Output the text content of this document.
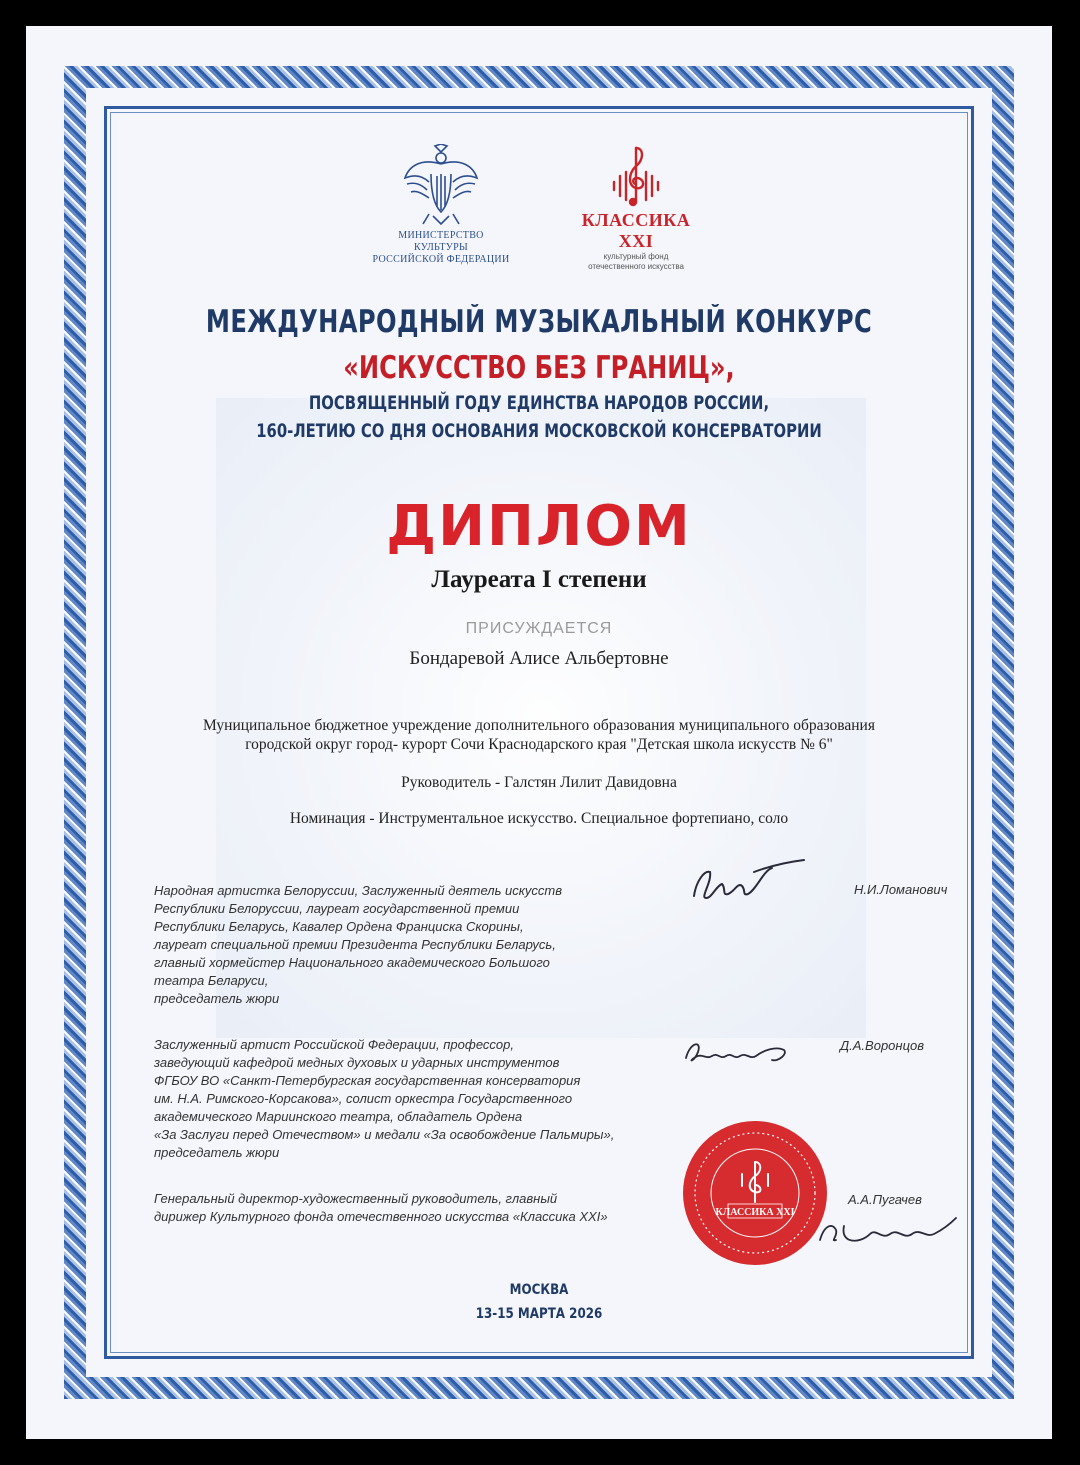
МИНИСТЕРСТВО КУЛЬТУРЫ
РОССИЙСКОЙ ФЕДЕРАЦИИ
КЛАССИКА XXI
культурный фонд
отечественного искусства
МЕЖДУНАРОДНЫЙ МУЗЫКАЛЬНЫЙ КОНКУРС
«ИСКУССТВО БЕЗ ГРАНИЦ»,
ПОСВЯЩЕННЫЙ ГОДУ ЕДИНСТВА НАРОДОВ РОССИИ,
160-ЛЕТИЮ СО ДНЯ ОСНОВАНИЯ МОСКОВСКОЙ КОНСЕРВАТОРИИ
ДИПЛОМ
Лауреата I степени
ПРИСУЖДАЕТСЯ
Бондаревой Алисе Альбертовне
Муниципальное бюджетное учреждение дополнительного образования муниципального образования
городской округ город- курорт Сочи Краснодарского края "Детская школа искусств № 6"
Руководитель - Галстян Лилит Давидовна
Номинация - Инструментальное искусство. Специальное фортепиано, соло
Народная артистка Белоруссии, Заслуженный деятель искусств
Республики Белоруссии, лауреат государственной премии
Республики Беларусь, Кавалер Ордена Франциска Скорины,
лауреат специальной премии Президента Республики Беларусь,
главный хормейстер Национального академического Большого
театра Беларуси,
председатель жюри
Н.И.Ломанович
Заслуженный артист Российской Федерации, профессор,
заведующий кафедрой медных духовых и ударных инструментов
ФГБОУ ВО «Санкт-Петербургская государственная консерватория
им. Н.А. Римского-Корсакова», солист оркестра Государственного
академического Мариинского театра, обладатель Ордена
«За Заслуги перед Отечеством» и медали «За освобождение Пальмиры»,
председатель жюри
Д.А.Воронцов
Генеральный директор-художественный руководитель, главный
дирижер Культурного фонда отечественного искусства «Классика XXI»
А.А.Пугачев
КЛАССИКА XXI
МОСКВА
13-15 МАРТА 2026
